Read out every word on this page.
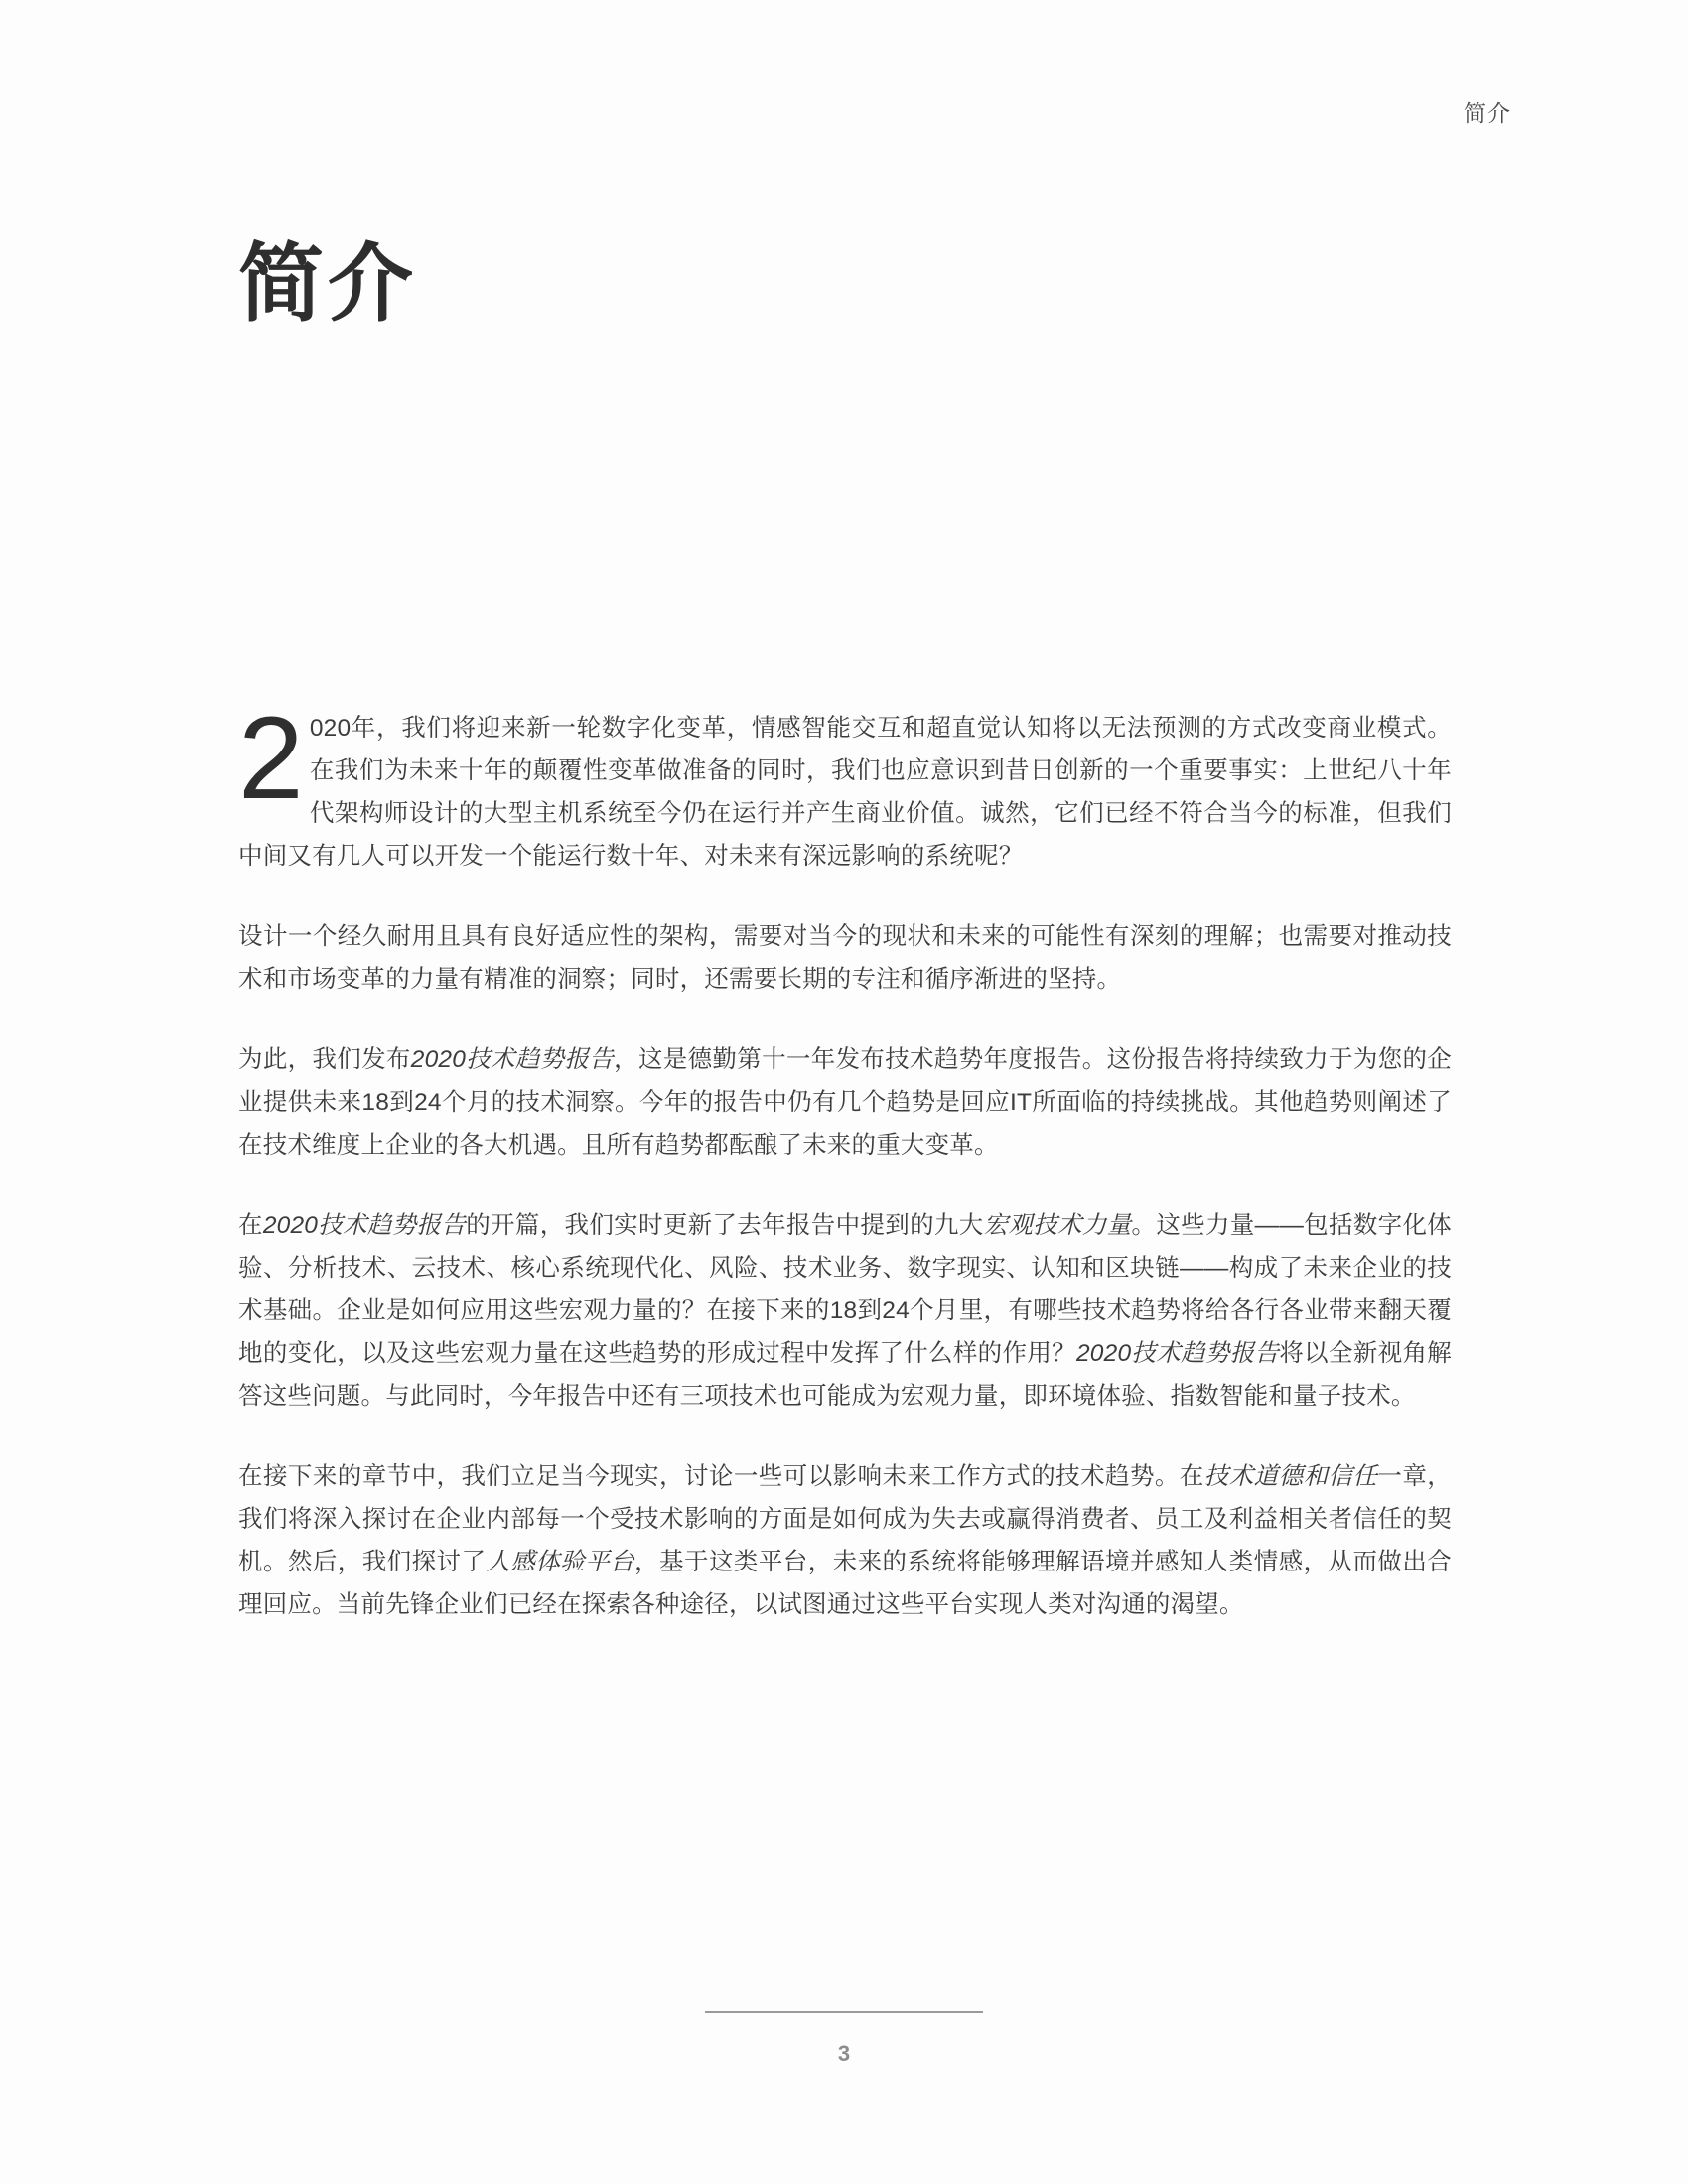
简介
简介

2 020年，我们将迎来新一轮数字化变革，情感智能交互和超直觉认知将以无法预测的方式改变商业模式。在我们为未来十年的颠覆性变革做准备的同时，我们也应意识到昔日创新的一个重要事实：上世纪八十年代架构师设计的大型主机系统至今仍在运行并产生商业价值。诚然，它们已经不符合当今的标准，但我们中间又有几人可以开发一个能运行数十年、对未来有深远影响的系统呢？

设计一个经久耐用且具有良好适应性的架构，需要对当今的现状和未来的可能性有深刻的理解；也需要对推动技术和市场变革的力量有精准的洞察；同时，还需要长期的专注和循序渐进的坚持。

为此，我们发布2020技术趋势报告，这是德勤第十一年发布技术趋势年度报告。这份报告将持续致力于为您的企业提供未来18到24个月的技术洞察。今年的报告中仍有几个趋势是回应IT所面临的持续挑战。其他趋势则阐述了在技术维度上企业的各大机遇。且所有趋势都酝酿了未来的重大变革。

在2020技术趋势报告的开篇，我们实时更新了去年报告中提到的九大宏观技术力量。这些力量——包括数字化体验、分析技术、云技术、核心系统现代化、风险、技术业务、数字现实、认知和区块链——构成了未来企业的技术基础。企业是如何应用这些宏观力量的？在接下来的18到24个月里，有哪些技术趋势将给各行各业带来翻天覆地的变化，以及这些宏观力量在这些趋势的形成过程中发挥了什么样的作用？2020技术趋势报告将以全新视角解答这些问题。与此同时，今年报告中还有三项技术也可能成为宏观力量，即环境体验、指数智能和量子技术。

在接下来的章节中，我们立足当今现实，讨论一些可以影响未来工作方式的技术趋势。在技术道德和信任一章，我们将深入探讨在企业内部每一个受技术影响的方面是如何成为失去或赢得消费者、员工及利益相关者信任的契机。然后，我们探讨了人感体验平台，基于这类平台，未来的系统将能够理解语境并感知人类情感，从而做出合理回应。当前先锋企业们已经在探索各种途径，以试图通过这些平台实现人类对沟通的渴望。

3
